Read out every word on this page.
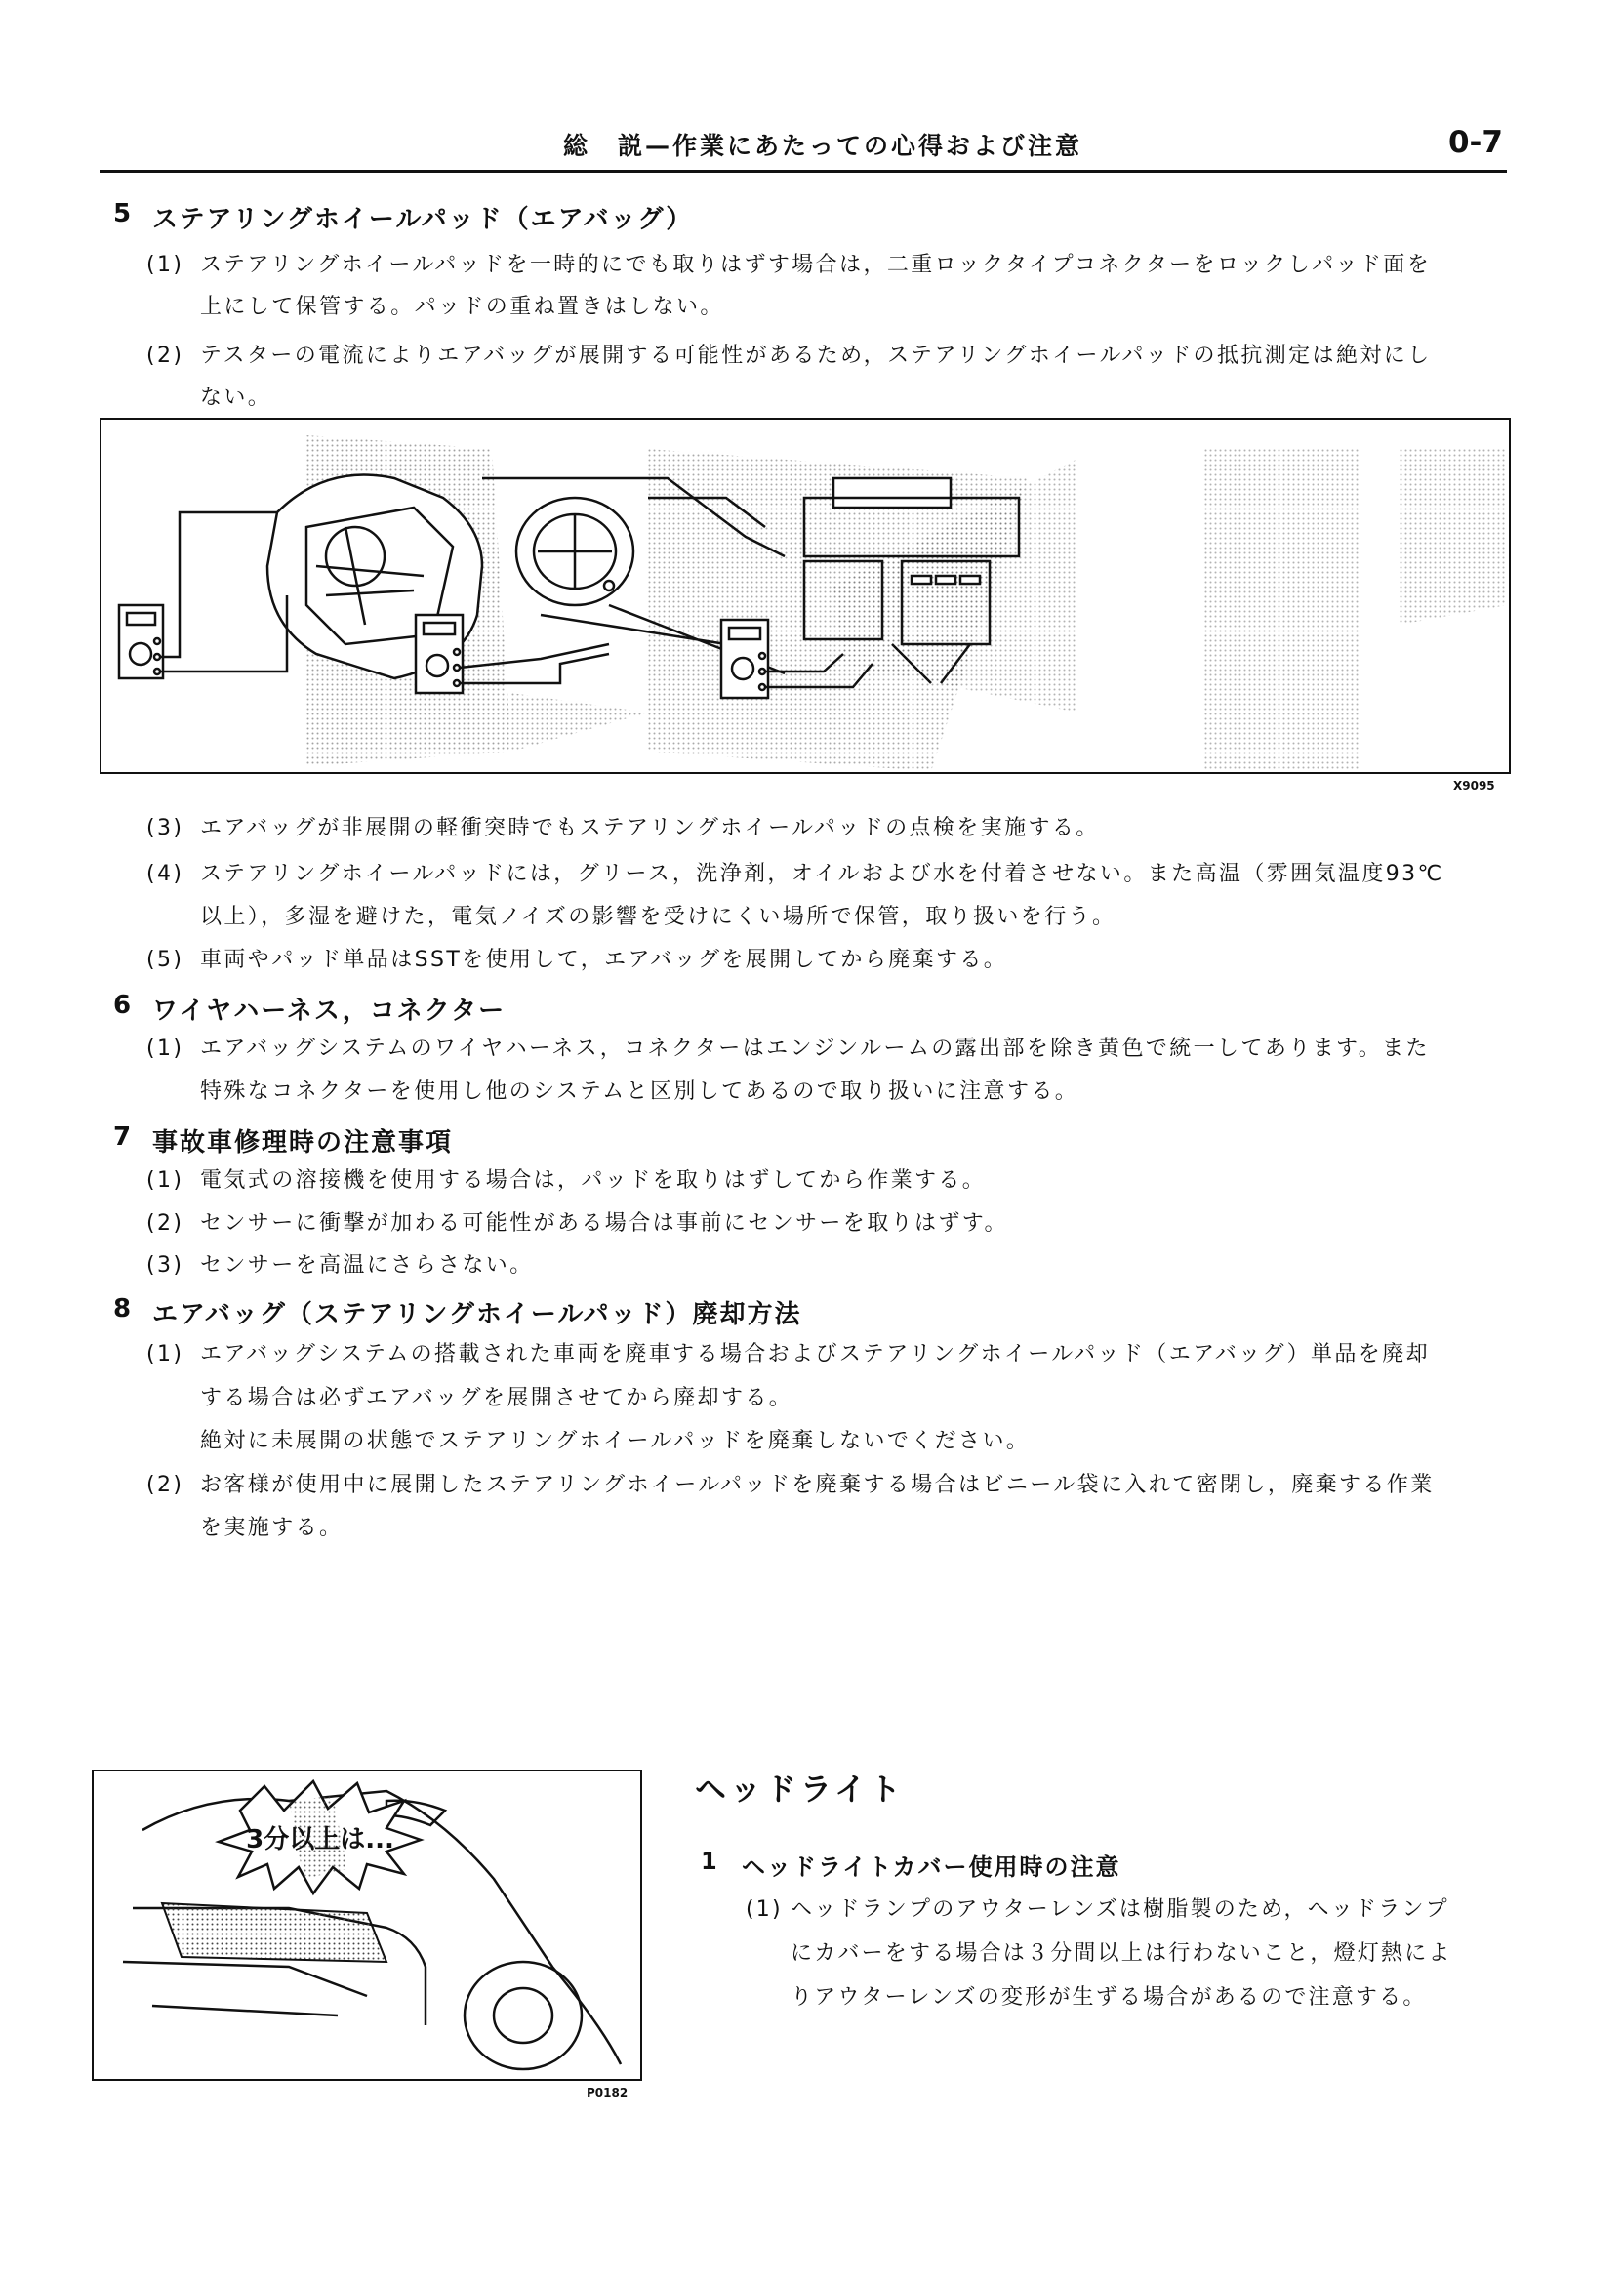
総　説—作業にあたっての心得および注意	0-7
5 ステアリングホイールパッド（エアバッグ）
(1) ステアリングホイールパッドを一時的にでも取りはずす場合は，二重ロックタイプコネクターをロックしパッド面を
上にして保管する。パッドの重ね置きはしない。
(2) テスターの電流によりエアバッグが展開する可能性があるため，ステアリングホイールパッドの抵抗測定は絶対にし
ない。
X9095
(3) エアバッグが非展開の軽衝突時でもステアリングホイールパッドの点検を実施する。
(4) ステアリングホイールパッドには，グリース，洗浄剤，オイルおよび水を付着させない。また高温（雰囲気温度93℃
以上），多湿を避けた，電気ノイズの影響を受けにくい場所で保管，取り扱いを行う。
(5) 車両やパッド単品はSSTを使用して，エアバッグを展開してから廃棄する。
6 ワイヤハーネス，コネクター
(1) エアバッグシステムのワイヤハーネス，コネクターはエンジンルームの露出部を除き黄色で統一してあります。また
特殊なコネクターを使用し他のシステムと区別してあるので取り扱いに注意する。
7 事故車修理時の注意事項
(1) 電気式の溶接機を使用する場合は，パッドを取りはずしてから作業する。
(2) センサーに衝撃が加わる可能性がある場合は事前にセンサーを取りはずす。
(3) センサーを高温にさらさない。
8 エアバッグ（ステアリングホイールパッド）廃却方法
(1) エアバッグシステムの搭載された車両を廃車する場合およびステアリングホイールパッド（エアバッグ）単品を廃却
する場合は必ずエアバッグを展開させてから廃却する。
絶対に未展開の状態でステアリングホイールパッドを廃棄しないでください。
(2) お客様が使用中に展開したステアリングホイールパッドを廃棄する場合はビニール袋に入れて密閉し，廃棄する作業
を実施する。
3分以上は...
P0182
ヘッドライト
1 ヘッドライトカバー使用時の注意
(1) ヘッドランプのアウターレンズは樹脂製のため，ヘッドランプ
にカバーをする場合は３分間以上は行わないこと，燈灯熱によ
りアウターレンズの変形が生ずる場合があるので注意する。
